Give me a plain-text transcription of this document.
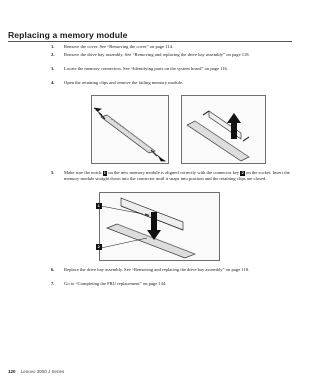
Replacing a memory module
1. Remove the cover. See “Removing the cover” on page 114.
2. Remove the drive bay assembly. See “Removing and replacing the drive bay assembly” on page 118.
3. Locate the memory connectors. See “Identifying parts on the system board” on page 116.
4. Open the retaining clips and remove the failing memory module.
5. Make sure the notch 1 on the new memory module is aligned correctly with the connector key 2 on the socket. Insert the memory module straight down into the connector until it snaps into position and the retaining clips are closed.
1
2
6. Replace the drive bay assembly. See “Removing and replacing the drive bay assembly” on page 118.
7. Go to “Completing the FRU replacement” on page 144.
120 Lenovo 3000 J Series
